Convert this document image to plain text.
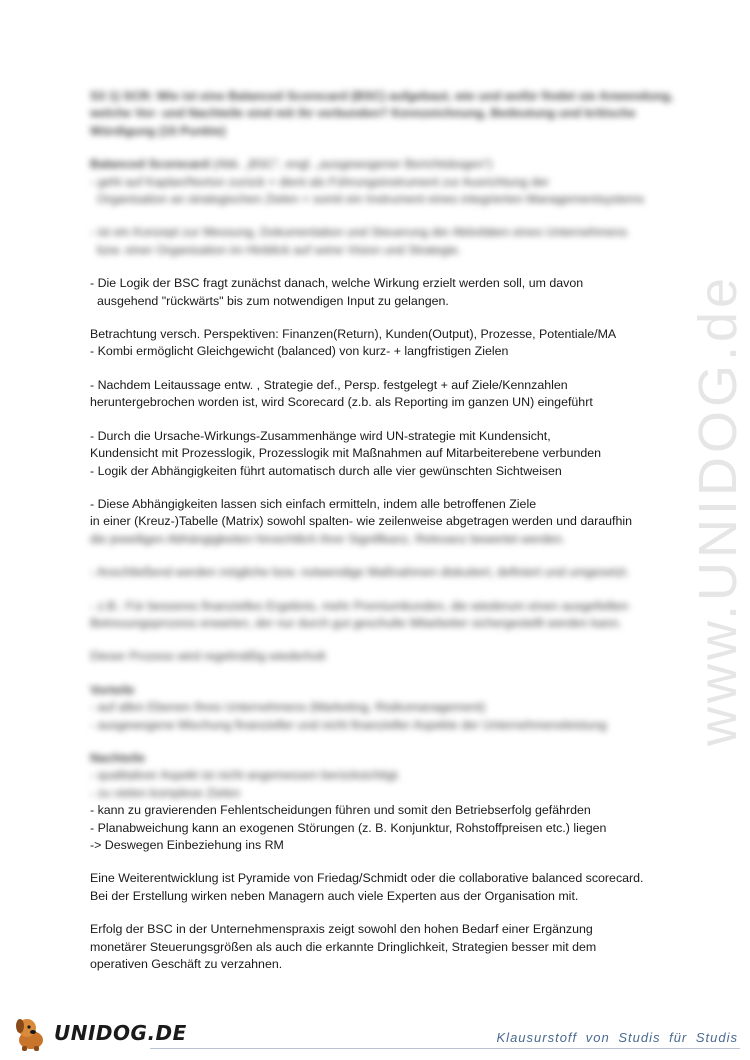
www.UNIDOG.de
S3 1) SCR: Wie ist eine Balanced Scorecard (BSC) aufgebaut, wie und wofür findet sie Anwendung,
welche Vor- und Nachteile sind mit ihr verbunden? Kennzeichnung, Bedeutung und kritische
Würdigung (15 Punkte)
Balanced Scorecard (Abk. „BSC“, engl. „ausgewogener Berichtsbogen“)
- geht auf Kaplan/Norton zurück + dient als Führungsinstrument zur Ausrichtung der
Organisation an strategischen Zielen + somit ein Instrument eines integrierten Managementsystems
- ist ein Konzept zur Messung, Dokumentation und Steuerung der Aktivitäten eines Unternehmens
bzw. einer Organisation im Hinblick auf seine Vision und Strategie.
- Die Logik der BSC fragt zunächst danach, welche Wirkung erzielt werden soll, um davon
ausgehend "rückwärts" bis zum notwendigen Input zu gelangen.
Betrachtung versch. Perspektiven: Finanzen(Return), Kunden(Output), Prozesse, Potentiale/MA
- Kombi ermöglicht Gleichgewicht (balanced) von kurz- + langfristigen Zielen
- Nachdem Leitaussage entw. , Strategie def., Persp. festgelegt + auf Ziele/Kennzahlen
heruntergebrochen worden ist, wird Scorecard (z.b. als Reporting im ganzen UN) eingeführt
- Durch die Ursache-Wirkungs-Zusammenhänge wird UN-strategie mit Kundensicht,
Kundensicht mit Prozesslogik, Prozesslogik mit Maßnahmen auf Mitarbeiterebene verbunden
- Logik der Abhängigkeiten führt automatisch durch alle vier gewünschten Sichtweisen
- Diese Abhängigkeiten lassen sich einfach ermitteln, indem alle betroffenen Ziele
in einer (Kreuz-)Tabelle (Matrix) sowohl spalten- wie zeilenweise abgetragen werden und daraufhin
die jeweiligen Abhängigkeiten hinsichtlich ihrer Signifikanz, Relevanz bewertet werden.
- Anschließend werden mögliche bzw. notwendige Maßnahmen diskutiert, definiert und umgesetzt.
- z.B.: Für besseres finanzielles Ergebnis, mehr Premiumkunden, die wiederum einen ausgefeilten
Betreuungsprozess erwarten, der nur durch gut geschulte Mitarbeiter sichergestellt werden kann.
Dieser Prozess wird regelmäßig wiederholt
Vorteile
- auf allen Ebenen Ihres Unternehmens (Marketing, Risikomanagement)
- ausgewogene Mischung finanzieller und nicht finanzieller Aspekte der Unternehmensleistung
Nachteile
- qualitativer Aspekt ist nicht angemessen berücksichtigt.
- zu vielen komplexe Zielen
- kann zu gravierenden Fehlentscheidungen führen und somit den Betriebserfolg gefährden
- Planabweichung kann an exogenen Störungen (z. B. Konjunktur, Rohstoffpreisen etc.) liegen
-> Deswegen Einbeziehung ins RM
Eine Weiterentwicklung ist Pyramide von Friedag/Schmidt oder die collaborative balanced scorecard.
Bei der Erstellung wirken neben Managern auch viele Experten aus der Organisation mit.
Erfolg der BSC in der Unternehmenspraxis zeigt sowohl den hohen Bedarf einer Ergänzung
monetärer Steuerungsgrößen als auch die erkannte Dringlichkeit, Strategien besser mit dem
operativen Geschäft zu verzahnen.
UNIDOG.DE	Klausurstoff von Studis für Studis
